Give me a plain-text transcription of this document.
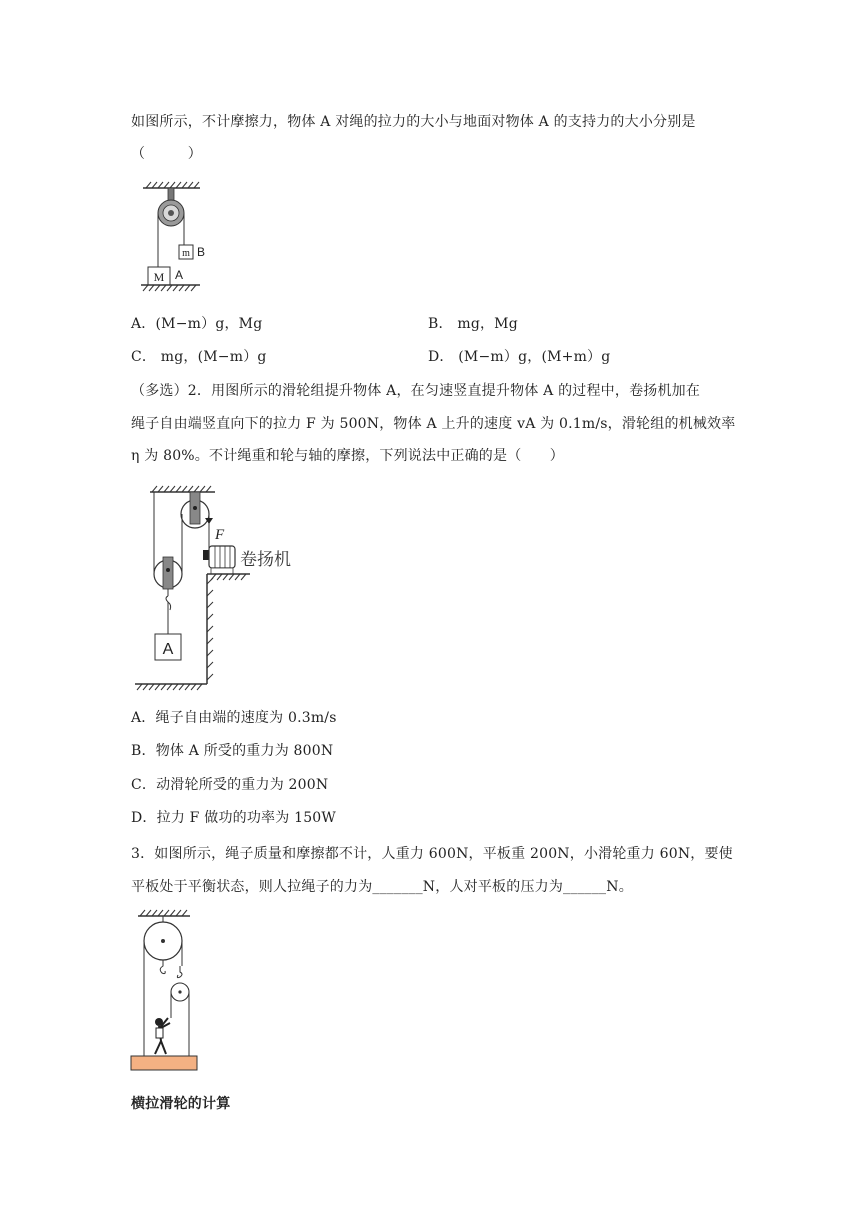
如图所示，不计摩擦力，物体 A 对绳的拉力的大小与地面对物体 A 的支持力的大小分别是
（　　　）
m B
M A
A．(M−m）g，Mg	B． mg，Mg
C． mg，(M−m）g	D． (M−m）g，(M+m）g
（多选）2．用图所示的滑轮组提升物体 A，在匀速竖直提升物体 A 的过程中，卷扬机加在
绳子自由端竖直向下的拉力 F 为 500N，物体 A 上升的速度 vA 为 0.1m/s，滑轮组的机械效率
η 为 80%。不计绳重和轮与轴的摩擦，下列说法中正确的是（　　）
F
A
卷扬机
A．绳子自由端的速度为 0.3m/s
B．物体 A 所受的重力为 800N
C．动滑轮所受的重力为 200N
D．拉力 F 做功的功率为 150W
3．如图所示，绳子质量和摩擦都不计，人重力 600N，平板重 200N，小滑轮重力 60N，要使
平板处于平衡状态，则人拉绳子的力为_______N，人对平板的压力为______N。
横拉滑轮的计算
